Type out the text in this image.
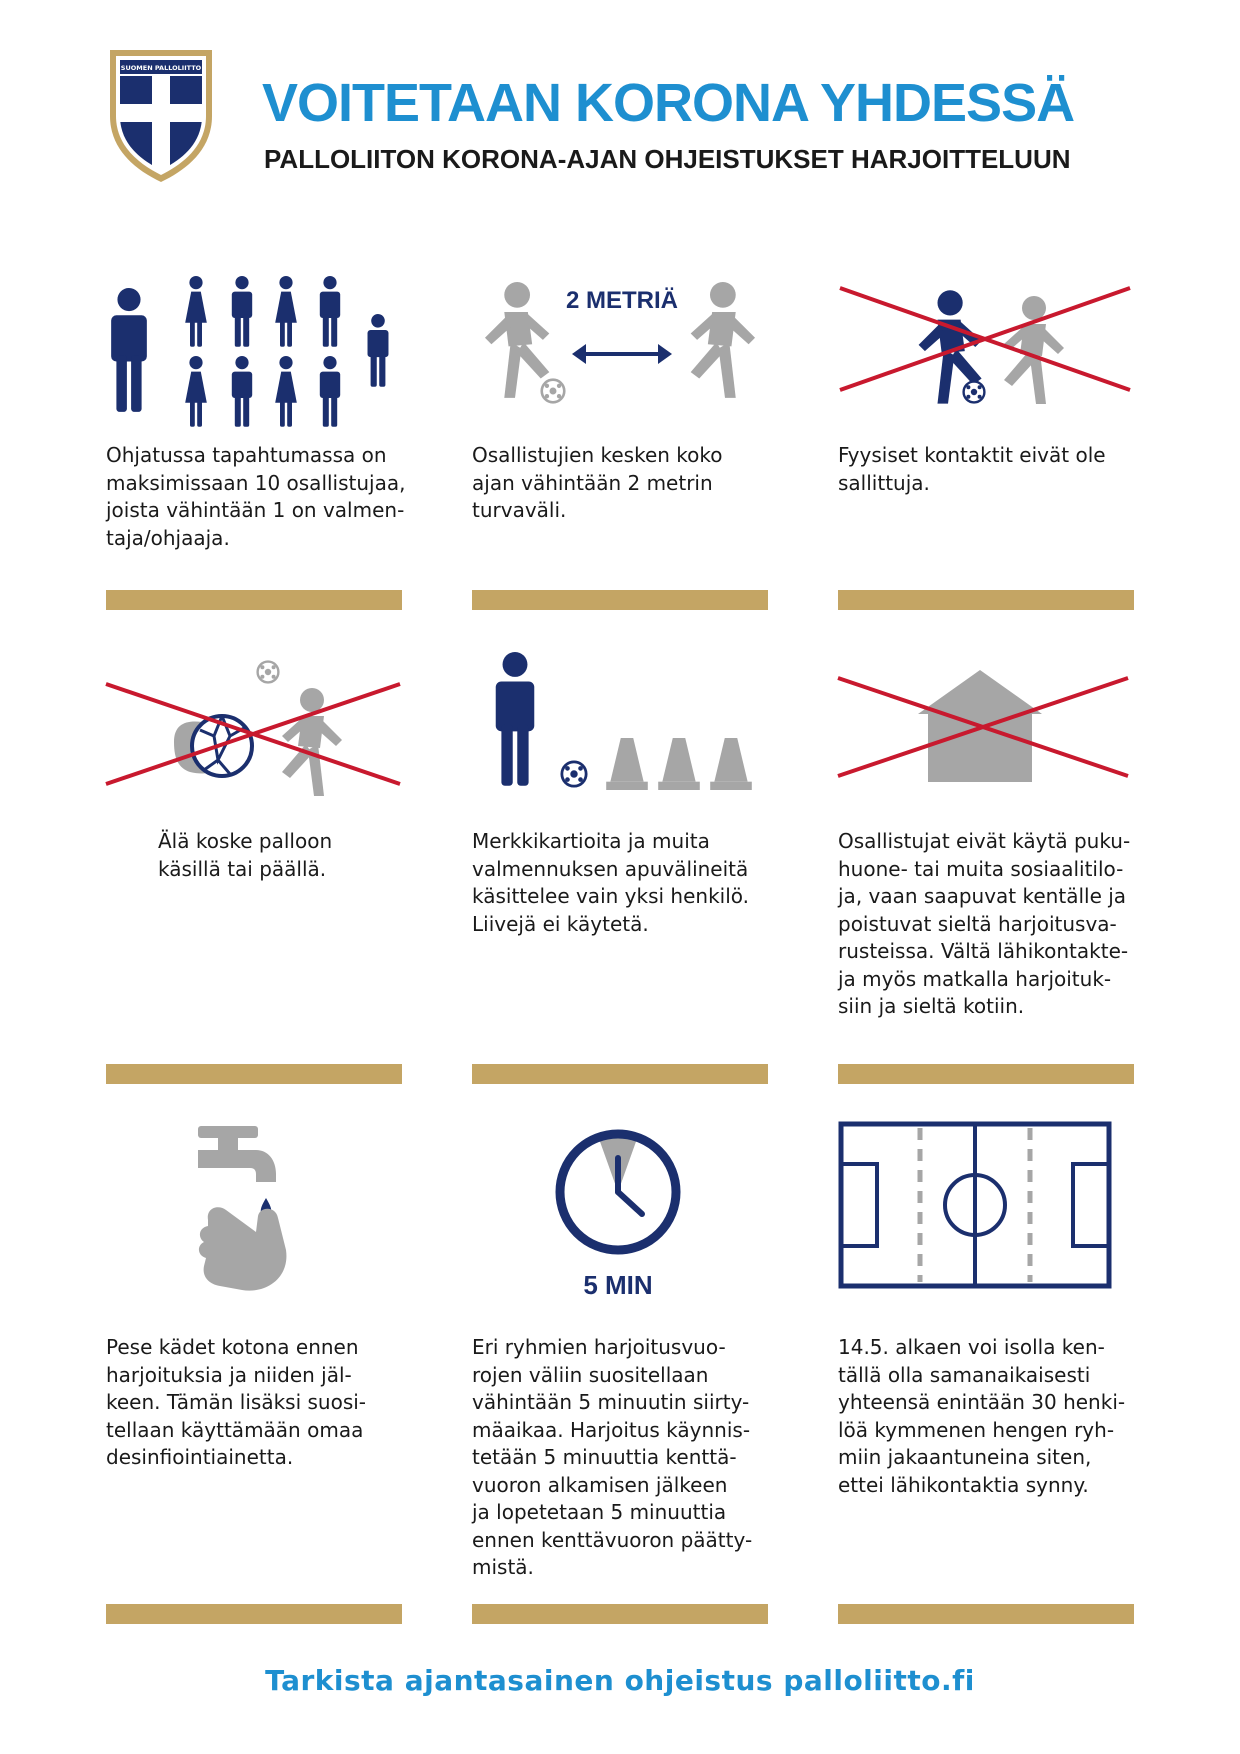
SUOMEN PALLOLIITTO
VOITETAAN KORONA YHDESSÄ
PALLOLIITON KORONA-AJAN OHJEISTUKSET HARJOITTELUUN

Ohjatussa tapahtumassa on
maksimissaan 10 osallistujaa,
joista vähintään 1 on valmen-
taja/ohjaaja.

2 METRIÄ

Osallistujien kesken koko
ajan vähintään 2 metrin
turvaväli.

Fyysiset kontaktit eivät ole
sallittuja.

Älä koske palloon
käsillä tai päällä.

Merkkikartioita ja muita
valmennuksen apuvälineitä
käsittelee vain yksi henkilö.
Liivejä ei käytetä.

Osallistujat eivät käytä puku-
huone- tai muita sosiaalitilo-
ja, vaan saapuvat kentälle ja
poistuvat sieltä harjoitusva-
rusteissa. Vältä lähikontakte-
ja myös matkalla harjoituk-
siin ja sieltä kotiin.

Pese kädet kotona ennen
harjoituksia ja niiden jäl-
keen. Tämän lisäksi suosi-
tellaan käyttämään omaa
desinfiointiainetta.

5 MIN

Eri ryhmien harjoitusvuo-
rojen väliin suositellaan
vähintään 5 minuutin siirty-
mäaikaa. Harjoitus käynnis-
tetään 5 minuuttia kenttä-
vuoron alkamisen jälkeen
ja lopetetaan 5 minuuttia
ennen kenttävuoron päätty-
mistä.

14.5. alkaen voi isolla ken-
tällä olla samanaikaisesti
yhteensä enintään 30 henki-
löä kymmenen hengen ryh-
miin jakaantuneina siten,
ettei lähikontaktia synny.

Tarkista ajantasainen ohjeistus palloliitto.fi
